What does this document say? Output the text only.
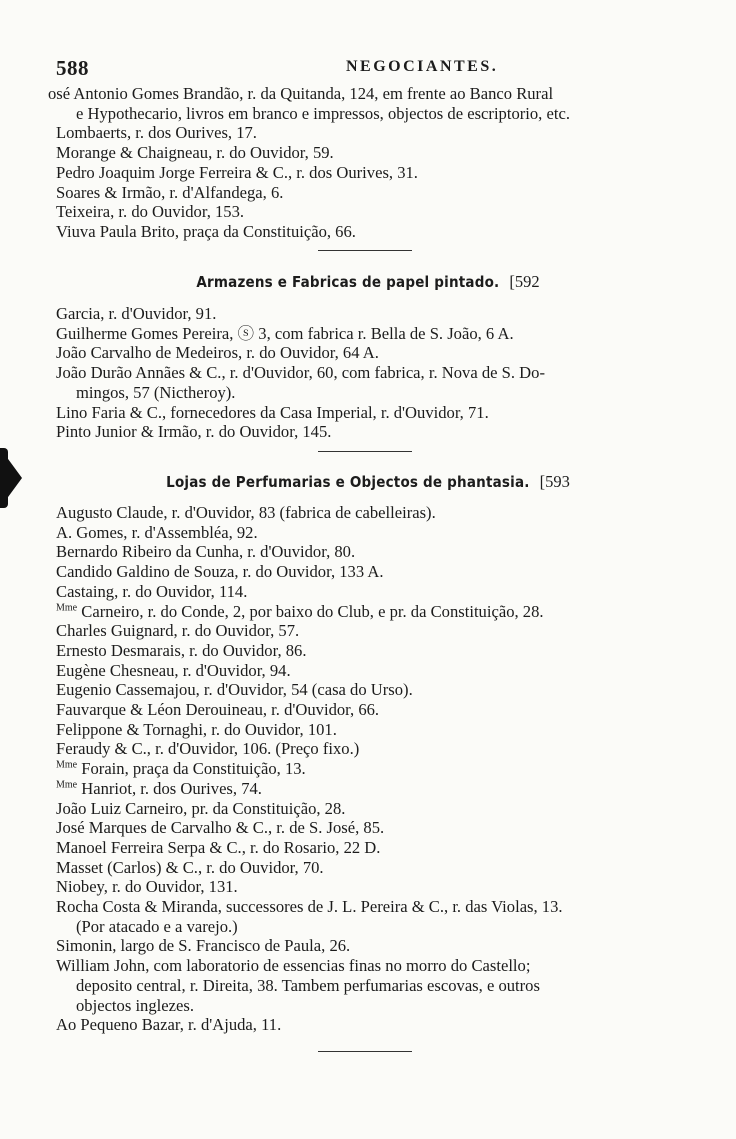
588	NEGOCIANTES.
osé Antonio Gomes Brandão, r. da Quitanda, 124, em frente ao Banco Rural
e Hypothecario, livros em branco e impressos, objectos de escriptorio, etc.
Lombaerts, r. dos Ourives, 17.
Morange & Chaigneau, r. do Ouvidor, 59.
Pedro Joaquim Jorge Ferreira & C., r. dos Ourives, 31.
Soares & Irmão, r. d'Alfandega, 6.
Teixeira, r. do Ouvidor, 153.
Viuva Paula Brito, praça da Constituição, 66.
Armazens e Fabricas de papel pintado. [592
Garcia, r. d'Ouvidor, 91.
Guilherme Gomes Pereira, ⓢ 3, com fabrica r. Bella de S. João, 6 A.
João Carvalho de Medeiros, r. do Ouvidor, 64 A.
João Durão Annães & C., r. d'Ouvidor, 60, com fabrica, r. Nova de S. Do-
mingos, 57 (Nictheroy).
Lino Faria & C., fornecedores da Casa Imperial, r. d'Ouvidor, 71.
Pinto Junior & Irmão, r. do Ouvidor, 145.
Lojas de Perfumarias e Objectos de phantasia. [593
Augusto Claude, r. d'Ouvidor, 83 (fabrica de cabelleiras).
A. Gomes, r. d'Assembléa, 92.
Bernardo Ribeiro da Cunha, r. d'Ouvidor, 80.
Candido Galdino de Souza, r. do Ouvidor, 133 A.
Castaing, r. do Ouvidor, 114.
$^{Mme}$ Carneiro, r. do Conde, 2, por baixo do Club, e pr. da Constituição, 28.
Charles Guignard, r. do Ouvidor, 57.
Ernesto Desmarais, r. do Ouvidor, 86.
Eugène Chesneau, r. d'Ouvidor, 94.
Eugenio Cassemajou, r. d'Ouvidor, 54 (casa do Urso).
Fauvarque & Léon Derouineau, r. d'Ouvidor, 66.
Felippone & Tornaghi, r. do Ouvidor, 101.
Feraudy & C., r. d'Ouvidor, 106. (Preço fixo.)
$^{Mme}$ Forain, praça da Constituição, 13.
$^{Mme}$ Hanriot, r. dos Ourives, 74.
João Luiz Carneiro, pr. da Constituição, 28.
José Marques de Carvalho & C., r. de S. José, 85.
Manoel Ferreira Serpa & C., r. do Rosario, 22 D.
Masset (Carlos) & C., r. do Ouvidor, 70.
Niobey, r. do Ouvidor, 131.
Rocha Costa & Miranda, successores de J. L. Pereira & C., r. das Violas, 13.
(Por atacado e a varejo.)
Simonin, largo de S. Francisco de Paula, 26.
William John, com laboratorio de essencias finas no morro do Castello;
deposito central, r. Direita, 38. Tambem perfumarias escovas, e outros
objectos inglezes.
Ao Pequeno Bazar, r. d'Ajuda, 11.
